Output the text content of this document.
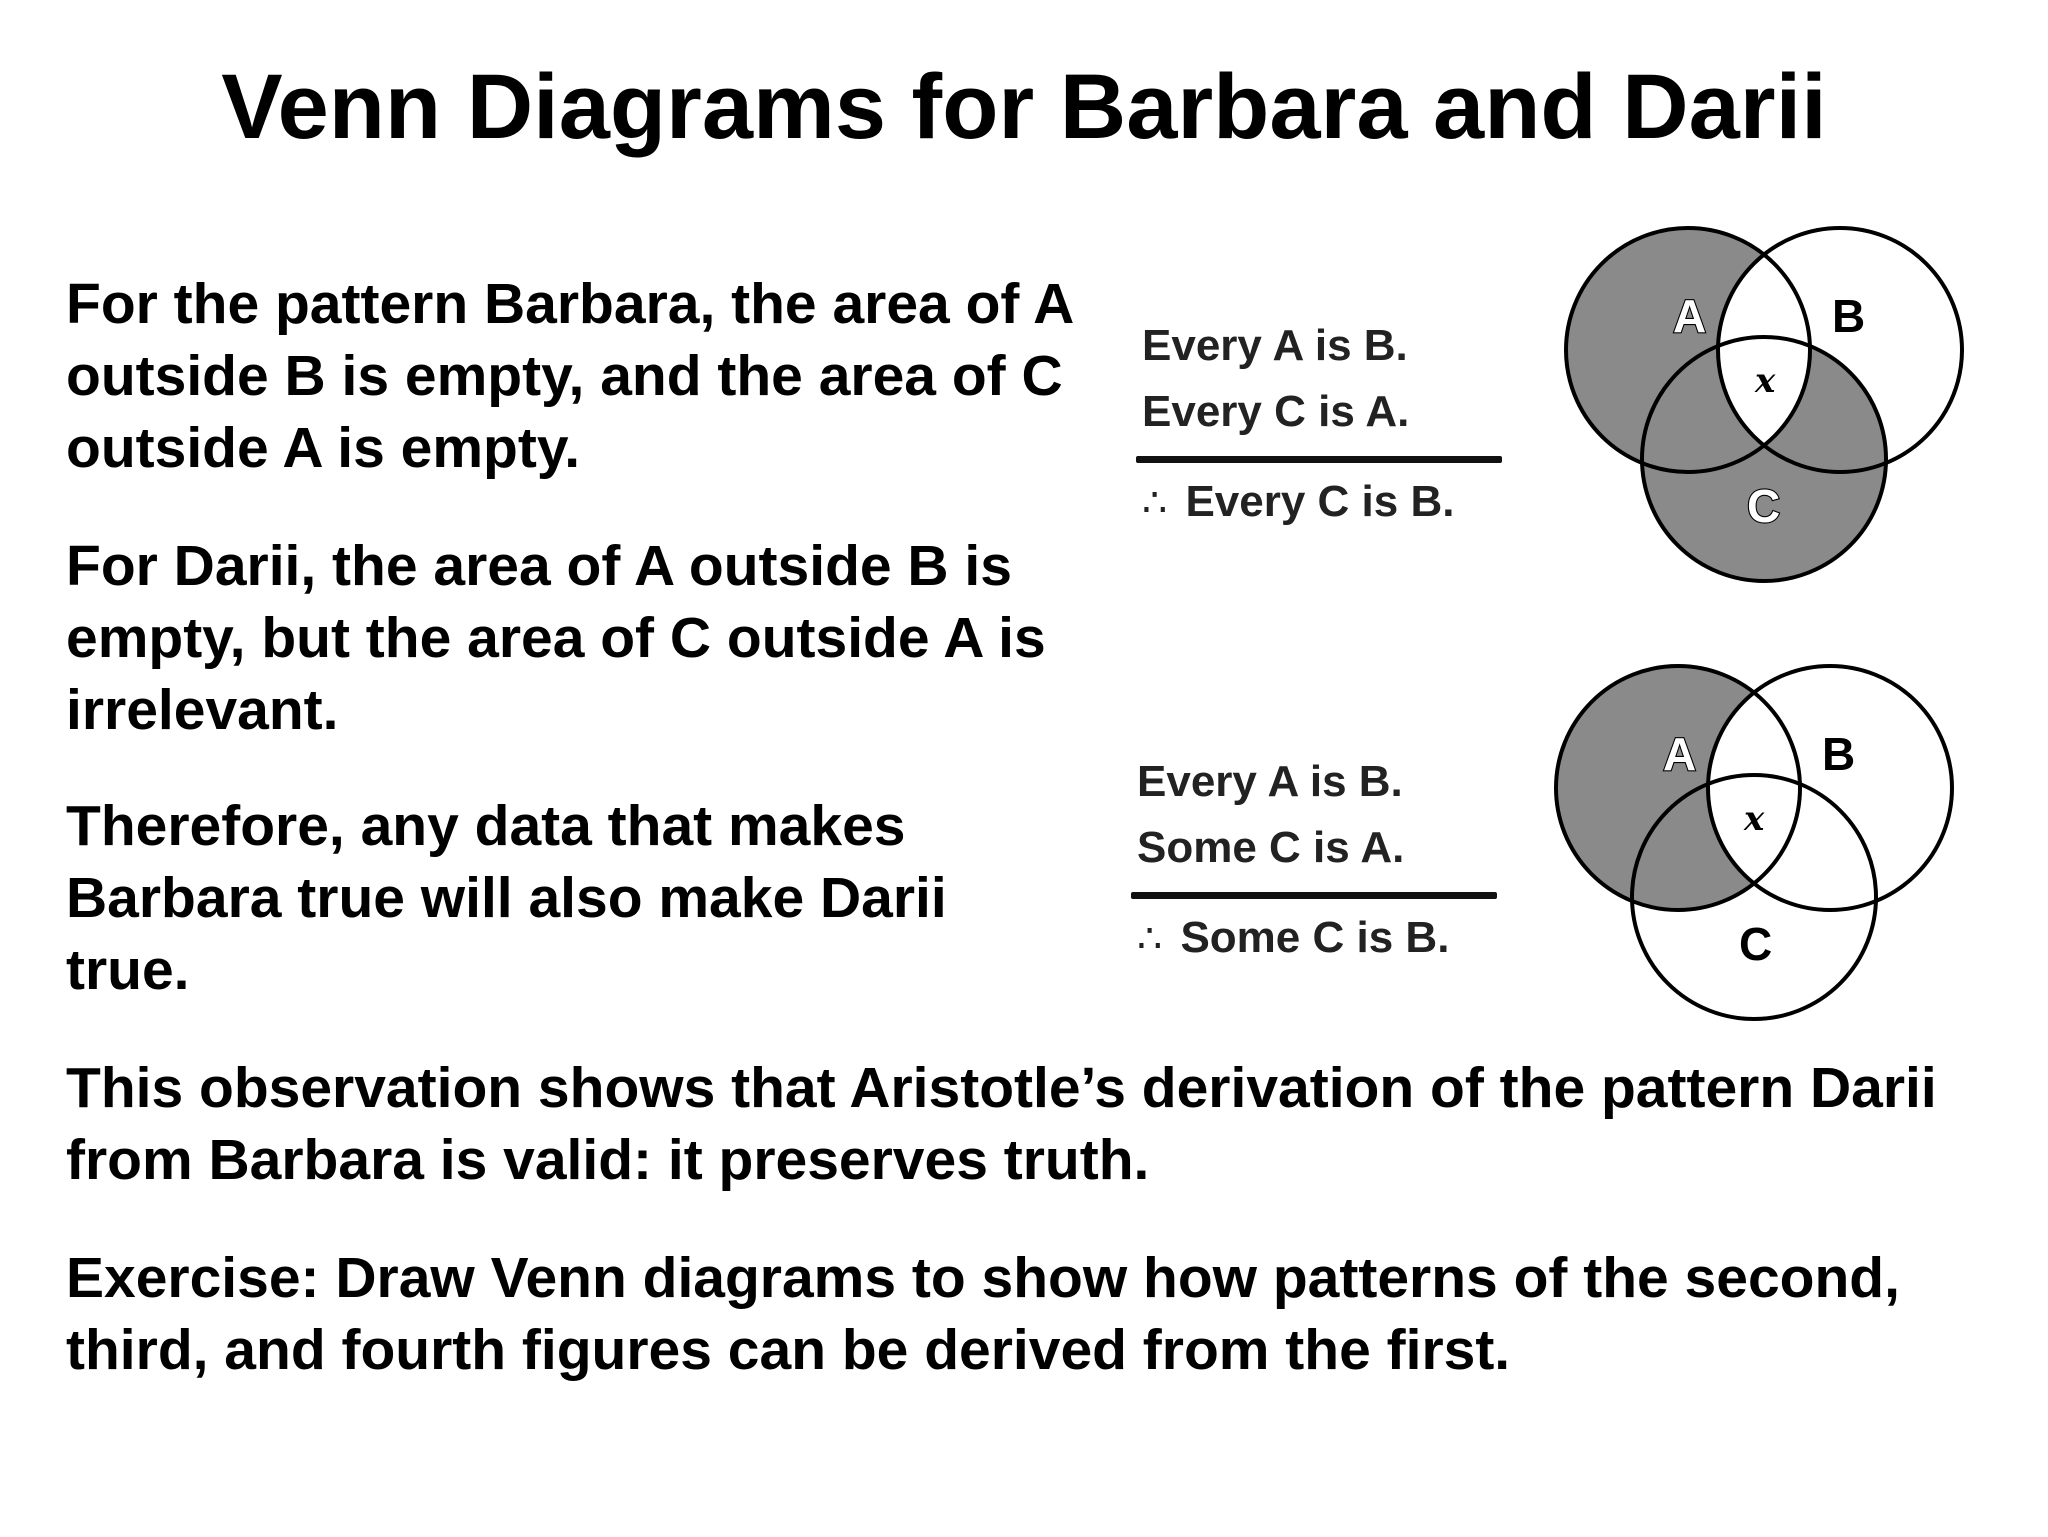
Venn Diagrams for Barbara and Darii

For the pattern Barbara, the area of A outside B is empty, and the area of C outside A is empty.

For Darii, the area of A outside B is empty, but the area of C outside A is irrelevant.

Therefore, any data that makes Barbara true will also make Darii true.

This observation shows that Aristotle’s derivation of the pattern Darii from Barbara is valid: it preserves truth.

Exercise: Draw Venn diagrams to show how patterns of the second, third, and fourth figures can be derived from the first.

Every A is B.
Every C is A.
∴ Every C is B.
Every A is B.
Some C is A.
∴ Some C is B.
A	B
C
x
A	B
C
x
